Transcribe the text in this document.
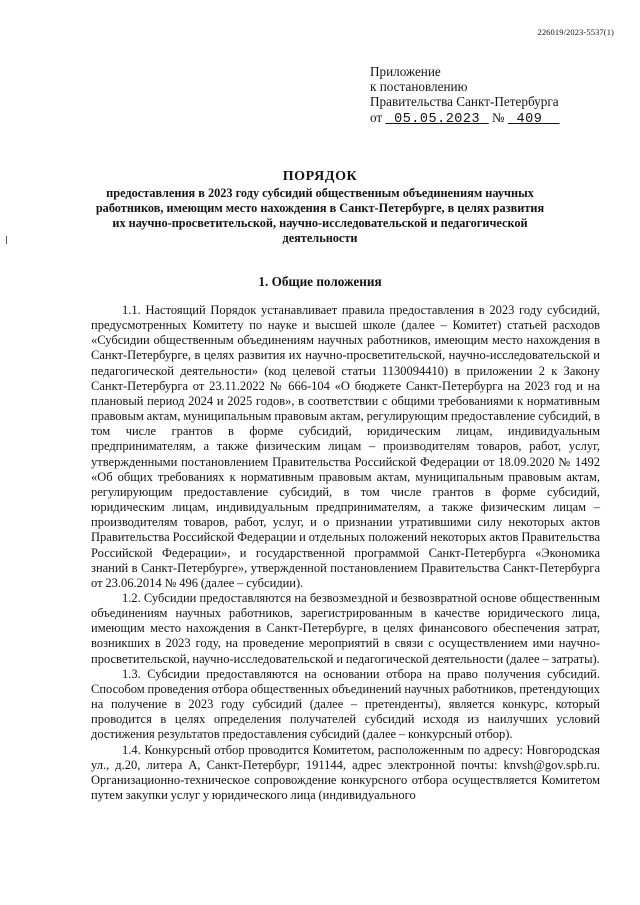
226019/2023-5537(1)
Приложение
к постановлению
Правительства Санкт-Петербурга
от 05.05.2023 № 409
ПОРЯДОК
предоставления в 2023 году субсидий общественным объединениям научных работников, имеющим место нахождения в Санкт-Петербурге, в целях развития их научно-просветительской, научно-исследовательской и педагогической деятельности
1. Общие положения

1.1. Настоящий Порядок устанавливает правила предоставления в 2023 году субсидий, предусмотренных Комитету по науке и высшей школе (далее – Комитет) статьей расходов «Субсидии общественным объединениям научных работников, имеющим место нахождения в Санкт-Петербурге, в целях развития их научно-просветительской, научно-исследовательской и педагогической деятельности» (код целевой статьи 1130094410) в приложении 2 к Закону Санкт-Петербурга от 23.11.2022 № 666-104 «О бюджете Санкт-Петербурга на 2023 год и на плановый период 2024 и 2025 годов», в соответствии с общими требованиями к нормативным правовым актам, муниципальным правовым актам, регулирующим предоставление субсидий, в том числе грантов в форме субсидий, юридическим лицам, индивидуальным предпринимателям, а также физическим лицам – производителям товаров, работ, услуг, утвержденными постановлением Правительства Российской Федерации от 18.09.2020 № 1492 «Об общих требованиях к нормативным правовым актам, муниципальным правовым актам, регулирующим предоставление субсидий, в том числе грантов в форме субсидий, юридическим лицам, индивидуальным предпринимателям, а также физическим лицам – производителям товаров, работ, услуг, и о признании утратившими силу некоторых актов Правительства Российской Федерации и отдельных положений некоторых актов Правительства Российской Федерации», и государственной программой Санкт-Петербурга «Экономика знаний в Санкт-Петербурге», утвержденной постановлением Правительства Санкт-Петербурга от 23.06.2014 № 496 (далее – субсидии).

1.2. Субсидии предоставляются на безвозмездной и безвозвратной основе общественным объединениям научных работников, зарегистрированным в качестве юридического лица, имеющим место нахождения в Санкт-Петербурге, в целях финансового обеспечения затрат, возникших в 2023 году, на проведение мероприятий в связи с осуществлением ими научно-просветительской, научно-исследовательской и педагогической деятельности (далее – затраты).

1.3. Субсидии предоставляются на основании отбора на право получения субсидий. Способом проведения отбора общественных объединений научных работников, претендующих на получение в 2023 году субсидий (далее – претенденты), является конкурс, который проводится в целях определения получателей субсидий исходя из наилучших условий достижения результатов предоставления субсидий (далее – конкурсный отбор).

1.4. Конкурсный отбор проводится Комитетом, расположенным по адресу: Новгородская ул., д.20, литера А, Санкт-Петербург, 191144, адрес электронной почты: knvsh@gov.spb.ru. Организационно-техническое сопровождение конкурсного отбора осуществляется Комитетом путем закупки услуг у юридического лица (индивидуального
